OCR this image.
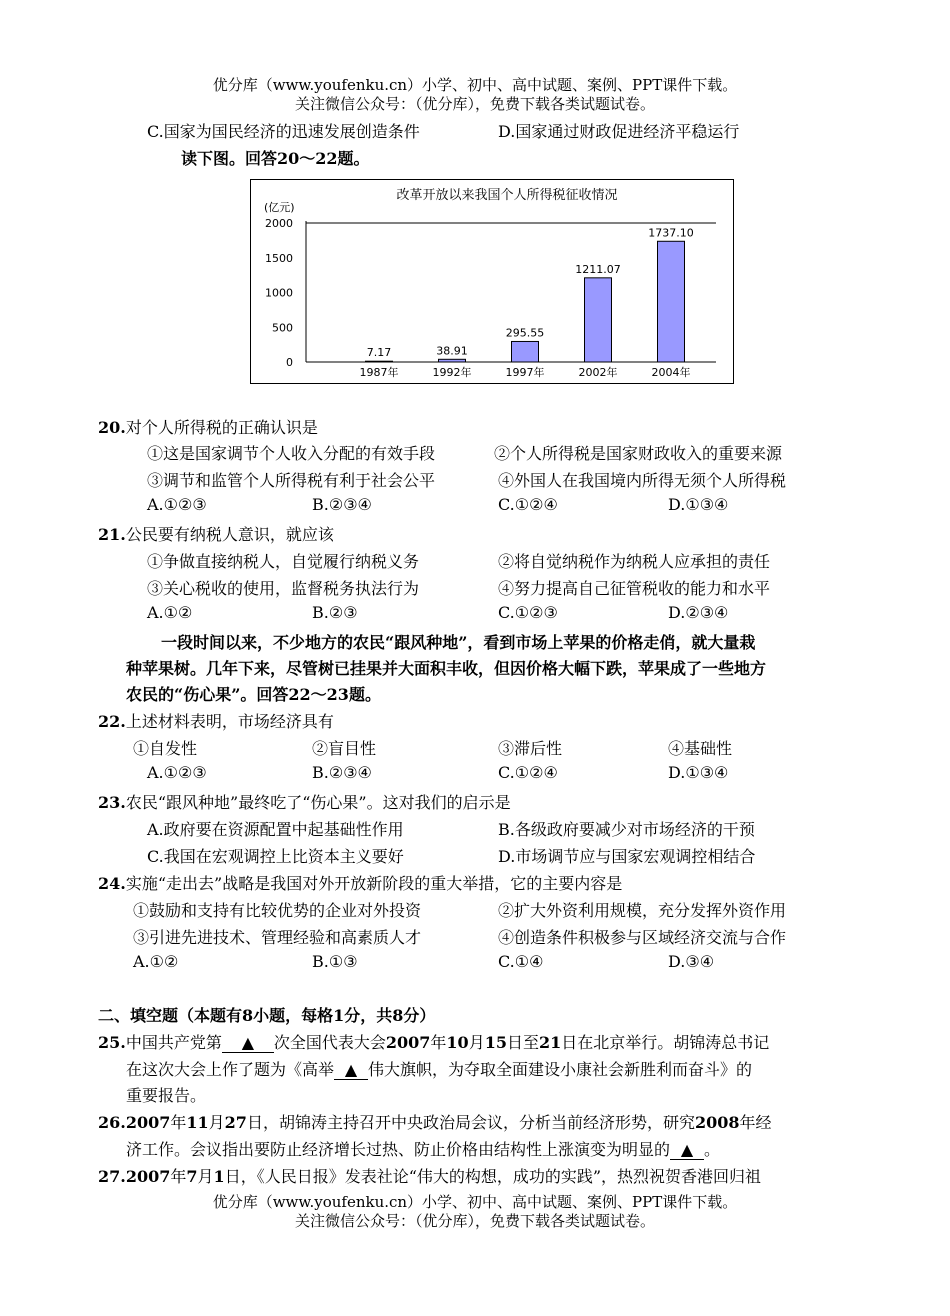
优分库（www.youfenku.cn）小学、初中、高中试题、案例、PPT课件下载。
关注微信公众号：（优分库），免费下载各类试题试卷。
C.国家为国民经济的迅速发展创造条件	D.国家通过财政促进经济平稳运行
读下图。回答20～22题。
改革开放以来我国个人所得税征收情况
(亿元)
0
500
1000
1500
2000
7.17
1987年
38.91
1992年
295.55
1997年
1211.07
2002年
1737.10
2004年
20.对个人所得税的正确认识是
①这是国家调节个人收入分配的有效手段	②个人所得税是国家财政收入的重要来源
③调节和监管个人所得税有利于社会公平	④外国人在我国境内所得无须个人所得税
A.①②③	B.②③④	C.①②④	D.①③④
21.公民要有纳税人意识，就应该
①争做直接纳税人，自觉履行纳税义务	②将自觉纳税作为纳税人应承担的责任
③关心税收的使用，监督税务执法行为	④努力提高自己征管税收的能力和水平
A.①②	B.②③	C.①②③	D.②③④
一段时间以来，不少地方的农民“跟风种地”，看到市场上苹果的价格走俏，就大量栽
种苹果树。几年下来，尽管树已挂果并大面积丰收，但因价格大幅下跌，苹果成了一些地方
农民的“伤心果”。回答22～23题。
22.上述材料表明，市场经济具有
①自发性	②盲目性	③滞后性	④基础性
A.①②③	B.②③④	C.①②④	D.①③④
23.农民“跟风种地”最终吃了“伤心果”。这对我们的启示是
A.政府要在资源配置中起基础性作用	B.各级政府要减少对市场经济的干预
C.我国在宏观调控上比资本主义要好	D.市场调节应与国家宏观调控相结合
24.实施“走出去”战略是我国对外开放新阶段的重大举措，它的主要内容是
①鼓励和支持有比较优势的企业对外投资	②扩大外资利用规模，充分发挥外资作用
③引进先进技术、管理经验和高素质人才	④创造条件积极参与区域经济交流与合作
A.①②	B.①③	C.①④	D.③④
二、填空题（本题有8小题，每格1分，共8分）
25.中国共产党第 ▲ 次全国代表大会2007年10月15日至21日在北京举行。胡锦涛总书记
在这次大会上作了题为《高举 ▲ 伟大旗帜，为夺取全面建设小康社会新胜利而奋斗》的
重要报告。
26.2007年11月27日，胡锦涛主持召开中央政治局会议，分析当前经济形势，研究2008年经
济工作。会议指出要防止经济增长过热、防止价格由结构性上涨演变为明显的 ▲ 。
27.2007年7月1日，《人民日报》发表社论“伟大的构想，成功的实践”，热烈祝贺香港回归祖
优分库（www.youfenku.cn）小学、初中、高中试题、案例、PPT课件下载。
关注微信公众号：（优分库），免费下载各类试题试卷。
